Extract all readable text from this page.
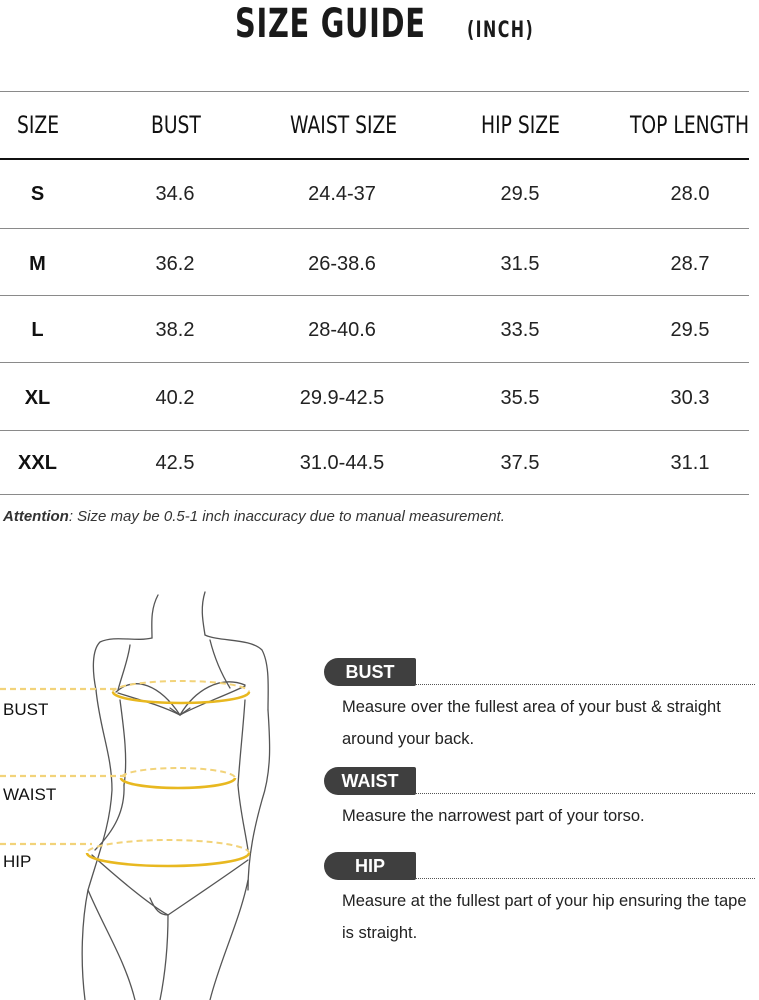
SIZE GUIDE (INCH)
SIZE	BUST	WAIST SIZE	HIP SIZE	TOP LENGTH
S	34.6	24.4-37	29.5	28.0
M	36.2	26-38.6	31.5	28.7
L	38.2	28-40.6	33.5	29.5
XL	40.2	29.9-42.5	35.5	30.3
XXL	42.5	31.0-44.5	37.5	31.1
Attention: Size may be 0.5-1 inch inaccuracy due to manual measurement.
BUST
WAIST
HIP
BUST
Measure over the fullest area of your bust & straight around your back.
WAIST
Measure the narrowest part of your torso.
HIP
Measure at the fullest part of your hip ensuring the tape is straight.
